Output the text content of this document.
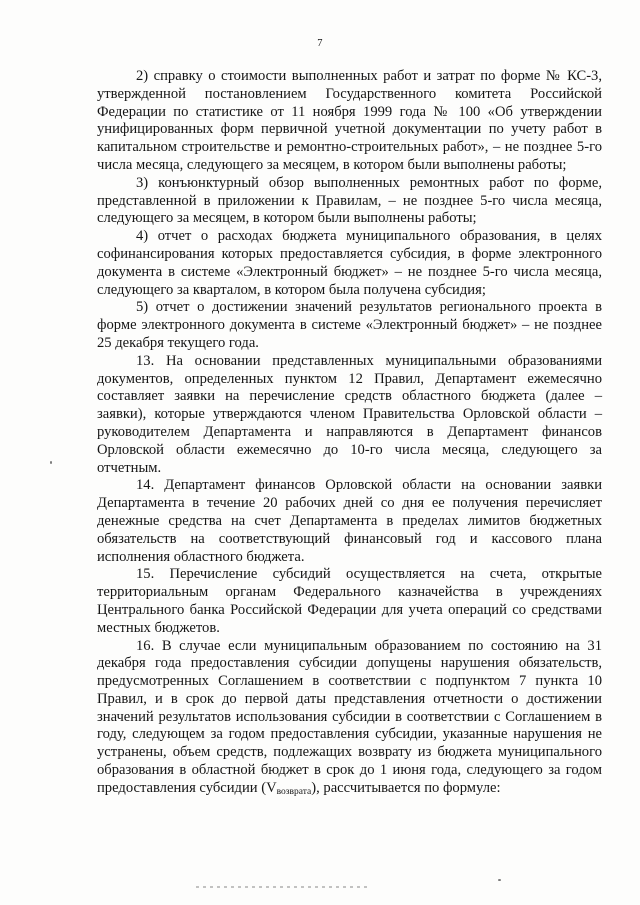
7

2) справку о стоимости выполненных работ и затрат по форме № КС-3, утвержденной постановлением Государственного комитета Российской Федерации по статистике от 11 ноября 1999 года № 100 «Об утверждении унифицированных форм первичной учетной документации по учету работ в капитальном строительстве и ремонтно-строительных работ», – не позднее 5-го числа месяца, следующего за месяцем, в котором были выполнены работы;

3) конъюнктурный обзор выполненных ремонтных работ по форме, представленной в приложении к Правилам, – не позднее 5-го числа месяца, следующего за месяцем, в котором были выполнены работы;

4) отчет о расходах бюджета муниципального образования, в целях софинансирования которых предоставляется субсидия, в форме электронного документа в системе «Электронный бюджет» – не позднее 5-го числа месяца, следующего за кварталом, в котором была получена субсидия;

5) отчет о достижении значений результатов регионального проекта в форме электронного документа в системе «Электронный бюджет» – не позднее 25 декабря текущего года.

13. На основании представленных муниципальными образованиями документов, определенных пунктом 12 Правил, Департамент ежемесячно составляет заявки на перечисление средств областного бюджета (далее – заявки), которые утверждаются членом Правительства Орловской области – руководителем Департамента и направляются в Департамент финансов Орловской области ежемесячно до 10-го числа месяца, следующего за отчетным.

14. Департамент финансов Орловской области на основании заявки Департамента в течение 20 рабочих дней со дня ее получения перечисляет денежные средства на счет Департамента в пределах лимитов бюджетных обязательств на соответствующий финансовый год и кассового плана исполнения областного бюджета.

15. Перечисление субсидий осуществляется на счета, открытые территориальным органам Федерального казначейства в учреждениях Центрального банка Российской Федерации для учета операций со средствами местных бюджетов.

16. В случае если муниципальным образованием по состоянию на 31 декабря года предоставления субсидии допущены нарушения обязательств, предусмотренных Соглашением в соответствии с подпунктом 7 пункта 10 Правил, и в срок до первой даты представления отчетности о достижении значений результатов использования субсидии в соответствии с Соглашением в году, следующем за годом предоставления субсидии, указанные нарушения не устранены, объем средств, подлежащих возврату из бюджета муниципального образования в областной бюджет в срок до 1 июня года, следующего за годом предоставления субсидии $(V_{возврата})$, рассчитывается по формуле:
